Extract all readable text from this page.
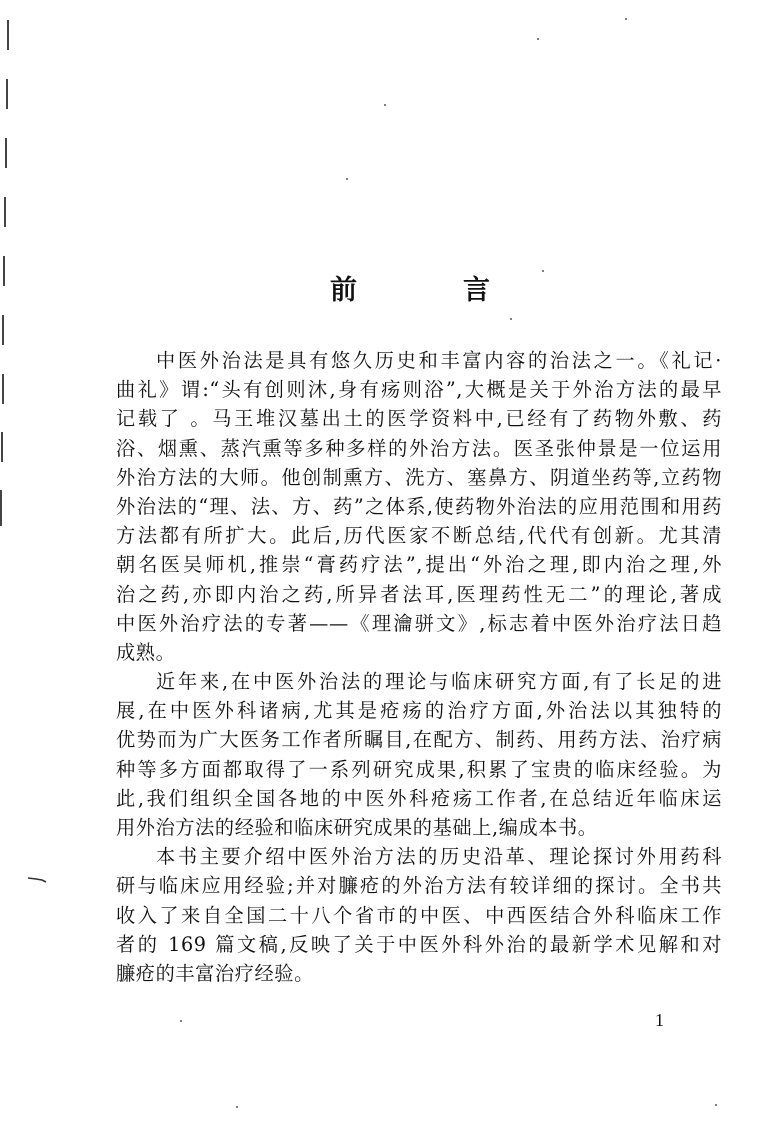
前	言
中医外治法是具有悠久历史和丰富内容的治法之一。《礼记·
曲礼》谓:“头有创则沐,身有疡则浴”,大概是关于外治方法的最早
记载了 。马王堆汉墓出土的医学资料中,已经有了药物外敷、药
浴、烟熏、蒸汽熏等多种多样的外治方法。医圣张仲景是一位运用
外治方法的大师。他创制熏方、洗方、塞鼻方、阴道坐药等,立药物
外治法的“理、法、方、药”之体系,使药物外治法的应用范围和用药
方法都有所扩大。此后,历代医家不断总结,代代有创新。尤其清
朝名医吴师机,推崇“膏药疗法”,提出“外治之理,即内治之理,外
治之药,亦即内治之药,所异者法耳,医理药性无二”的理论,著成
中医外治疗法的专著——《理瀹骈文》,标志着中医外治疗法日趋
成熟。
近年来,在中医外治法的理论与临床研究方面,有了长足的进
展,在中医外科诸病,尤其是疮疡的治疗方面,外治法以其独特的
优势而为广大医务工作者所瞩目,在配方、制药、用药方法、治疗病
种等多方面都取得了一系列研究成果,积累了宝贵的临床经验。为
此,我们组织全国各地的中医外科疮疡工作者,在总结近年临床运
用外治方法的经验和临床研究成果的基础上,编成本书。
本书主要介绍中医外治方法的历史沿革、理论探讨外用药科
研与临床应用经验;并对臁疮的外治方法有较详细的探讨。全书共
收入了来自全国二十八个省市的中医、中西医结合外科临床工作
者的 169 篇文稿,反映了关于中医外科外治的最新学术见解和对
臁疮的丰富治疗经验。
1
